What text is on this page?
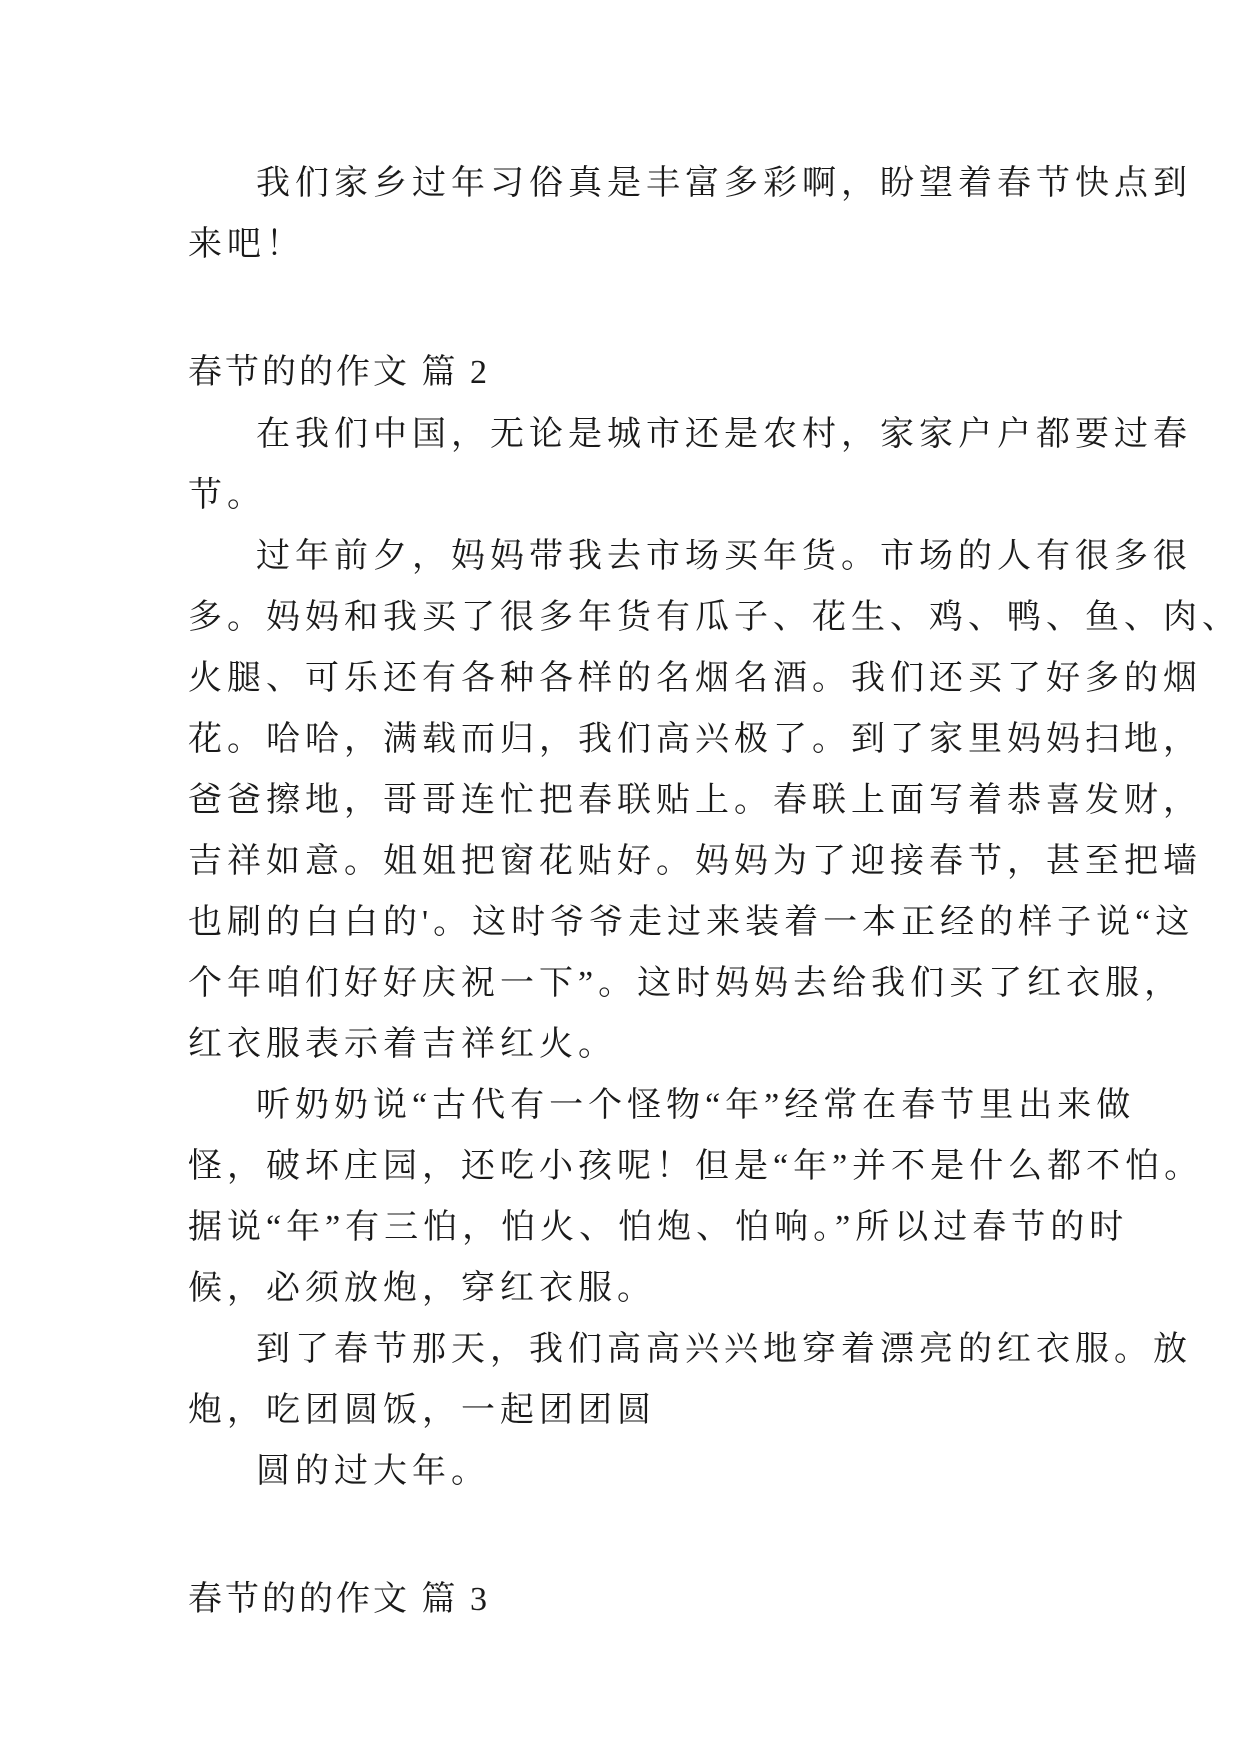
我们家乡过年习俗真是丰富多彩啊，盼望着春节快点到
来吧！
春节的的作文 篇 2
在我们中国，无论是城市还是农村，家家户户都要过春
节。
过年前夕，妈妈带我去市场买年货。市场的人有很多很
多。妈妈和我买了很多年货有瓜子、花生、鸡、鸭、鱼、肉、
火腿、可乐还有各种各样的名烟名酒。我们还买了好多的烟
花。哈哈，满载而归，我们高兴极了。到了家里妈妈扫地，
爸爸擦地，哥哥连忙把春联贴上。春联上面写着恭喜发财，
吉祥如意。姐姐把窗花贴好。妈妈为了迎接春节，甚至把墙
也刷的白白的'。这时爷爷走过来装着一本正经的样子说“这
个年咱们好好庆祝一下”。这时妈妈去给我们买了红衣服，
红衣服表示着吉祥红火。
听奶奶说“古代有一个怪物“年”经常在春节里出来做
怪，破坏庄园，还吃小孩呢！但是“年”并不是什么都不怕。
据说“年”有三怕，怕火、怕炮、怕响。”所以过春节的时
候，必须放炮，穿红衣服。
到了春节那天，我们高高兴兴地穿着漂亮的红衣服。放
炮，吃团圆饭，一起团团圆
圆的过大年。
春节的的作文 篇 3
